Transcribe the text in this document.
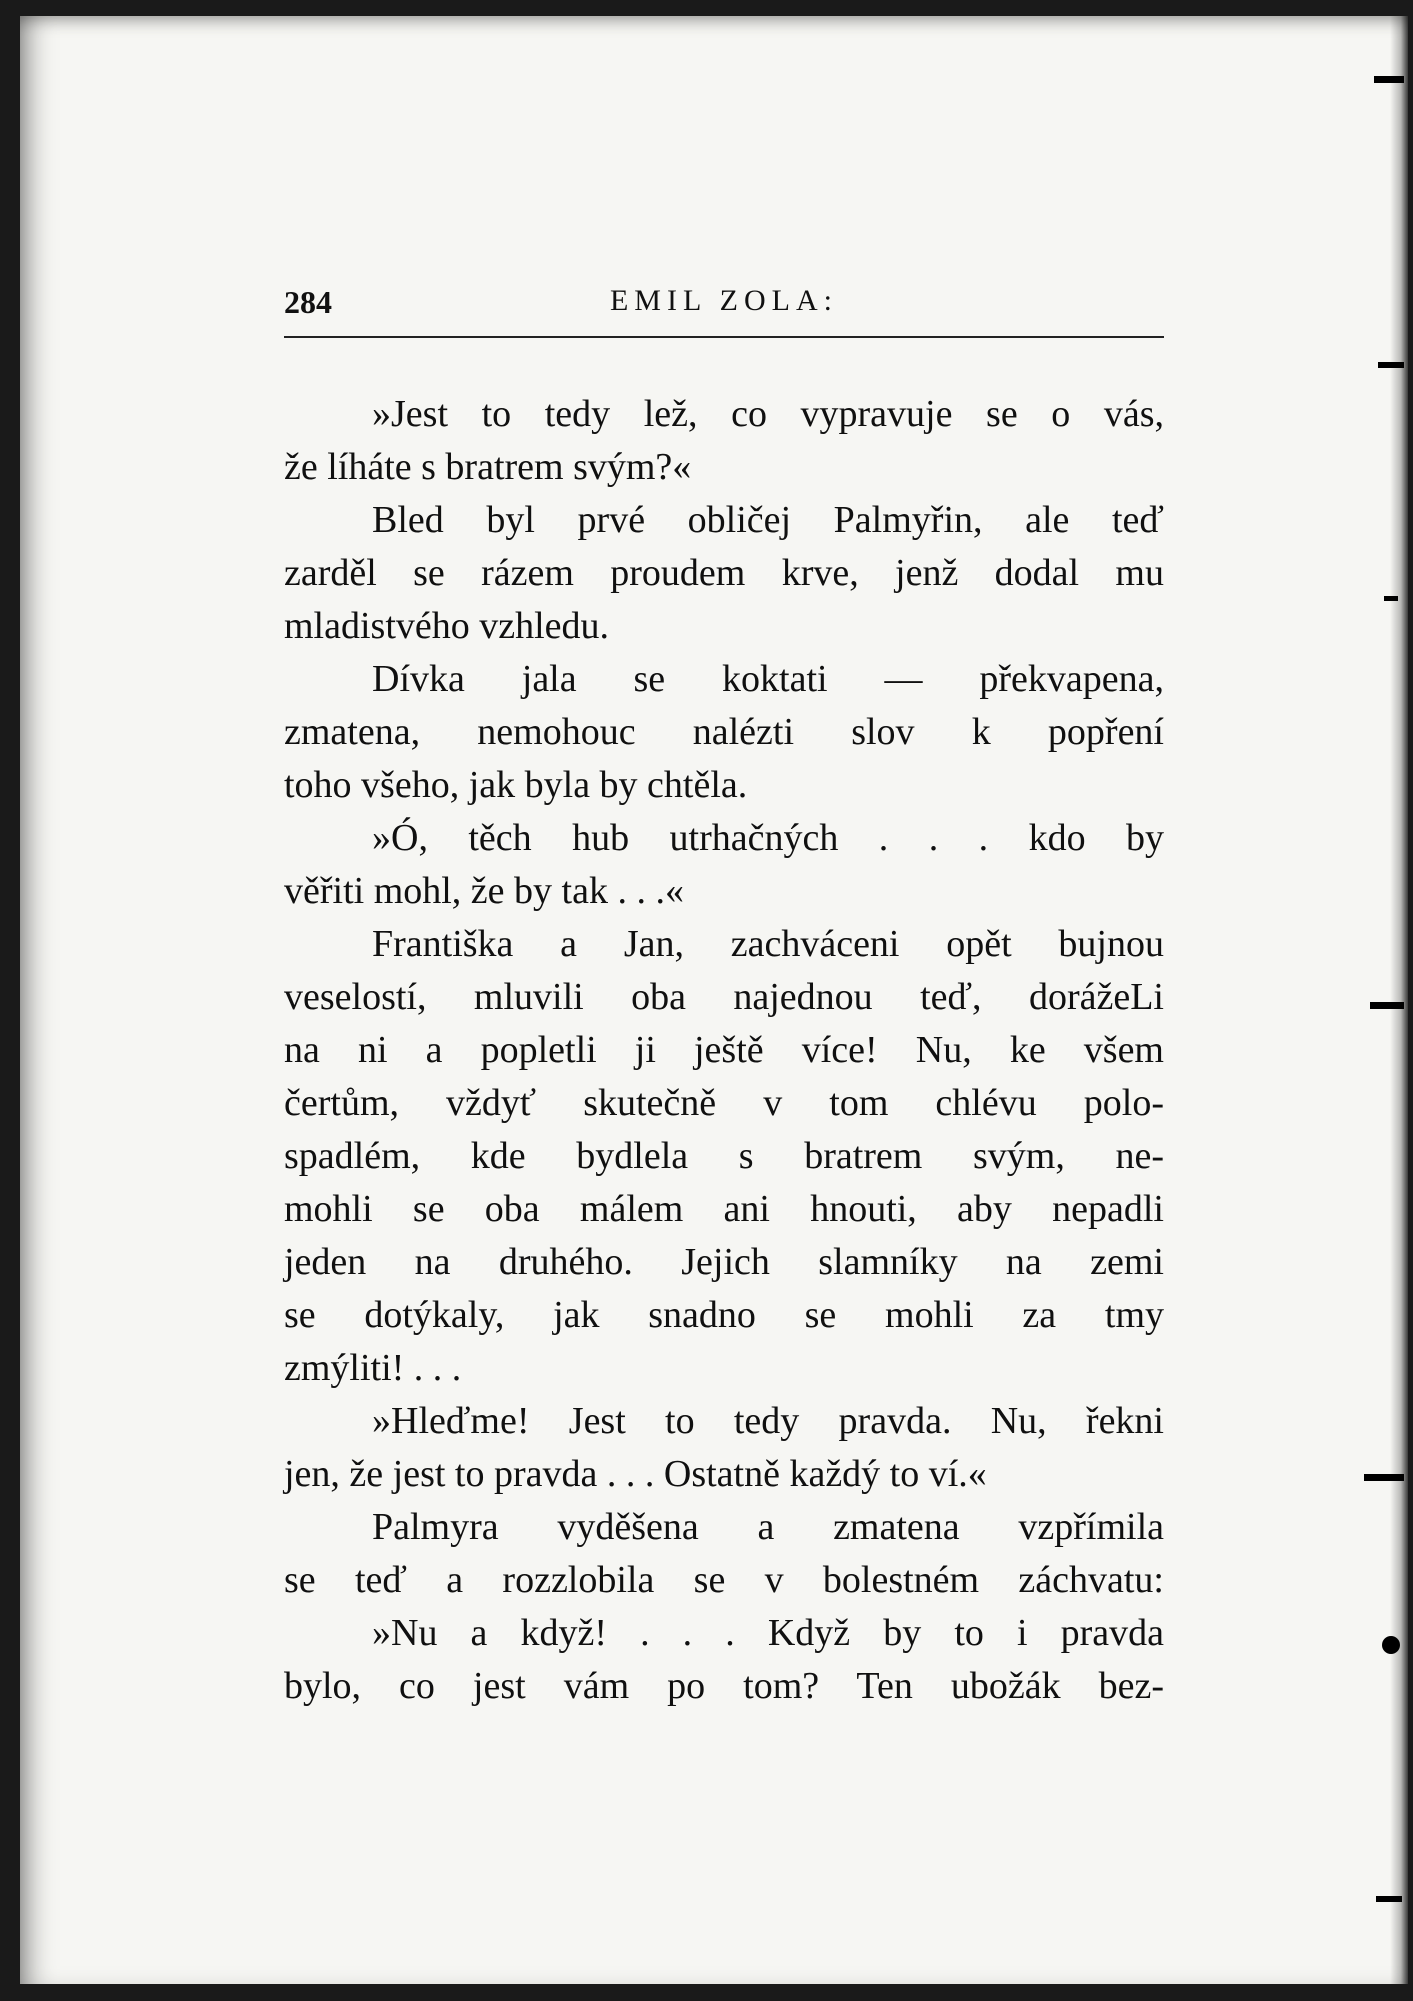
284	EMIL ZOLA:
»Jest to tedy lež, co vypravuje se o vás,
že líháte s bratrem svým?«
Bled byl prvé obličej Palmyřin, ale teď
zarděl se rázem proudem krve, jenž dodal mu
mladistvého vzhledu.
Dívka jala se koktati — překvapena,
zmatena, nemohouc nalézti slov k popření
toho všeho, jak byla by chtěla.
»Ó, těch hub utrhačných . . . kdo by
věřiti mohl, že by tak . . .«
Františka a Jan, zachváceni opět bujnou
veselostí, mluvili oba najednou teď, dorážeLi
na ni a popletli ji ještě více! Nu, ke všem
čertům, vždyť skutečně v tom chlévu polo-
spadlém, kde bydlela s bratrem svým, ne-
mohli se oba málem ani hnouti, aby nepadli
jeden na druhého. Jejich slamníky na zemi
se dotýkaly, jak snadno se mohli za tmy
zmýliti! . . .
»Hleďme! Jest to tedy pravda. Nu, řekni
jen, že jest to pravda . . . Ostatně každý to ví.«
Palmyra vyděšena a zmatena vzpřímila
se teď a rozzlobila se v bolestném záchvatu:
»Nu a když! . . . Když by to i pravda
bylo, co jest vám po tom? Ten ubožák bez-
